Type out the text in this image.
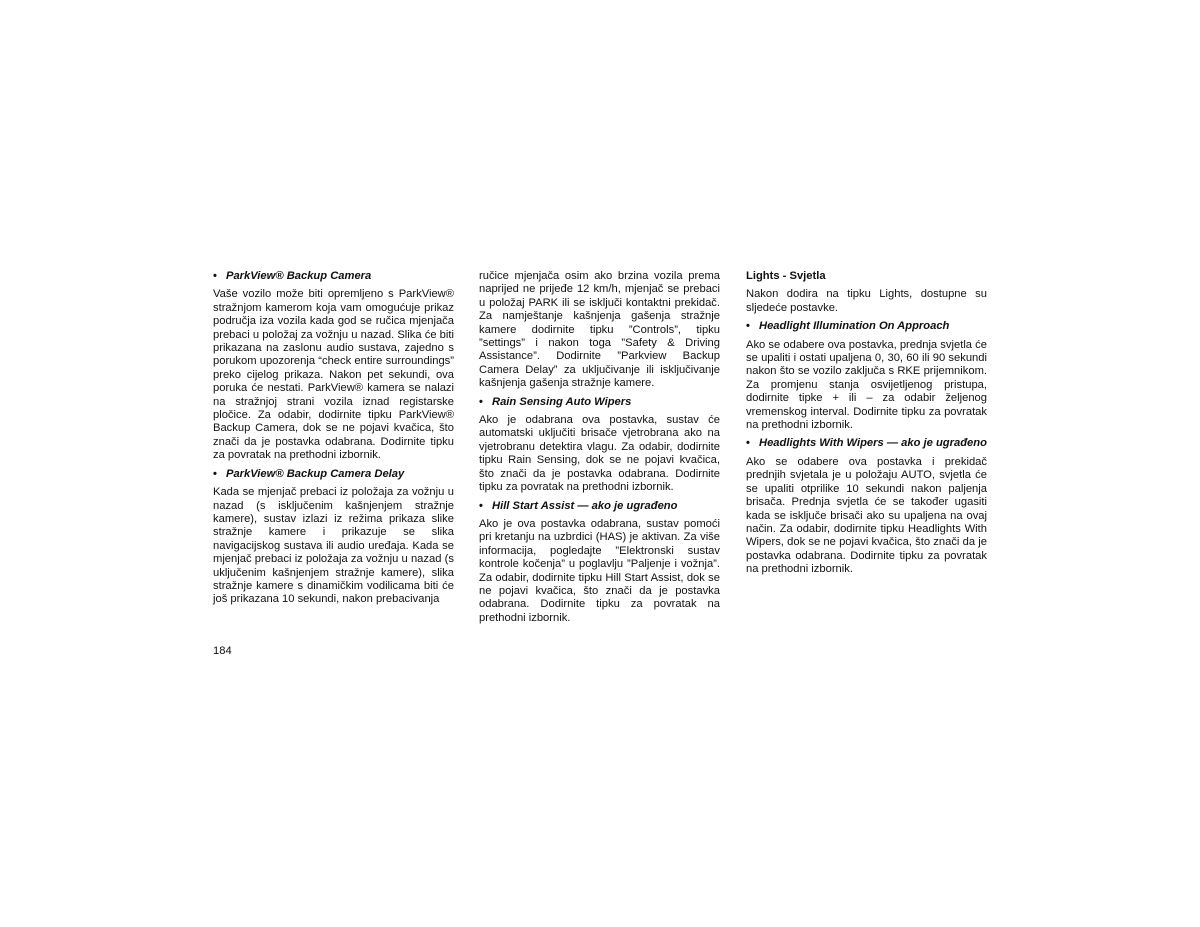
• ParkView® Backup Camera

Vaše vozilo može biti opremljeno s ParkView® stražnjom kamerom koja vam omogućuje prikaz područja iza vozila kada god se ručica mjenjača prebaci u položaj za vožnju u nazad. Slika će biti prikazana na zaslonu audio sustava, zajedno s porukom upozorenja “check entire surroundings” preko cijelog prikaza. Nakon pet sekundi, ova poruka će nestati. ParkView® kamera se nalazi na stražnjoj strani vozila iznad registarske pločice. Za odabir, dodirnite tipku ParkView® Backup Camera, dok se ne pojavi kvačica, što znači da je postavka odabrana. Dodirnite tipku za povratak na prethodni izbornik.

• ParkView® Backup Camera Delay

Kada se mjenjač prebaci iz položaja za vožnju u nazad (s isključenim kašnjenjem stražnje kamere), sustav izlazi iz režima prikaza slike stražnje kamere i prikazuje se slika navigacijskog sustava ili audio uređaja. Kada se mjenjač prebaci iz položaja za vožnju u nazad (s uključenim kašnjenjem stražnje kamere), slika stražnje kamere s dinamičkim vodilicama biti će još prikazana 10 sekundi, nakon prebacivanja

ručice mjenjača osim ako brzina vozila prema naprijed ne prijeđe 12 km/h, mjenjač se prebaci u položaj PARK ili se isključi kontaktni prekidač. Za namještanje kašnjenja gašenja stražnje kamere dodirnite tipku ”Controls”, tipku ”settings” i nakon toga ”Safety & Driving Assistance”. Dodirnite ”Parkview Backup Camera Delay” za uključivanje ili isključivanje kašnjenja gašenja stražnje kamere.

• Rain Sensing Auto Wipers

Ako je odabrana ova postavka, sustav će automatski uključiti brisače vjetrobrana ako na vjetrobranu detektira vlagu. Za odabir, dodirnite tipku Rain Sensing, dok se ne pojavi kvačica, što znači da je postavka odabrana. Dodirnite tipku za povratak na prethodni izbornik.

• Hill Start Assist — ako je ugrađeno

Ako je ova postavka odabrana, sustav pomoći pri kretanju na uzbrdici (HAS) je aktivan. Za više informacija, pogledajte ”Elektronski sustav kontrole kočenja” u poglavlju ”Paljenje i vožnja”. Za odabir, dodirnite tipku Hill Start Assist, dok se ne pojavi kvačica, što znači da je postavka odabrana. Dodirnite tipku za povratak na prethodni izbornik.

Lights - Svjetla

Nakon dodira na tipku Lights, dostupne su sljedeće postavke.

• Headlight Illumination On Approach

Ako se odabere ova postavka, prednja svjetla će se upaliti i ostati upaljena 0, 30, 60 ili 90 sekundi nakon što se vozilo zaključa s RKE prijemnikom. Za promjenu stanja osvijetljenog pristupa, dodirnite tipke + ili – za odabir željenog vremenskog interval. Dodirnite tipku za povratak na prethodni izbornik.

• Headlights With Wipers — ako je ugrađeno

Ako se odabere ova postavka i prekidač prednjih svjetala je u položaju AUTO, svjetla će se upaliti otprilike 10 sekundi nakon paljenja brisača. Prednja svjetla će se također ugasiti kada se isključe brisači ako su upaljena na ovaj način. Za odabir, dodirnite tipku Headlights With Wipers, dok se ne pojavi kvačica, što znači da je postavka odabrana. Dodirnite tipku za povratak na prethodni izbornik.

184
